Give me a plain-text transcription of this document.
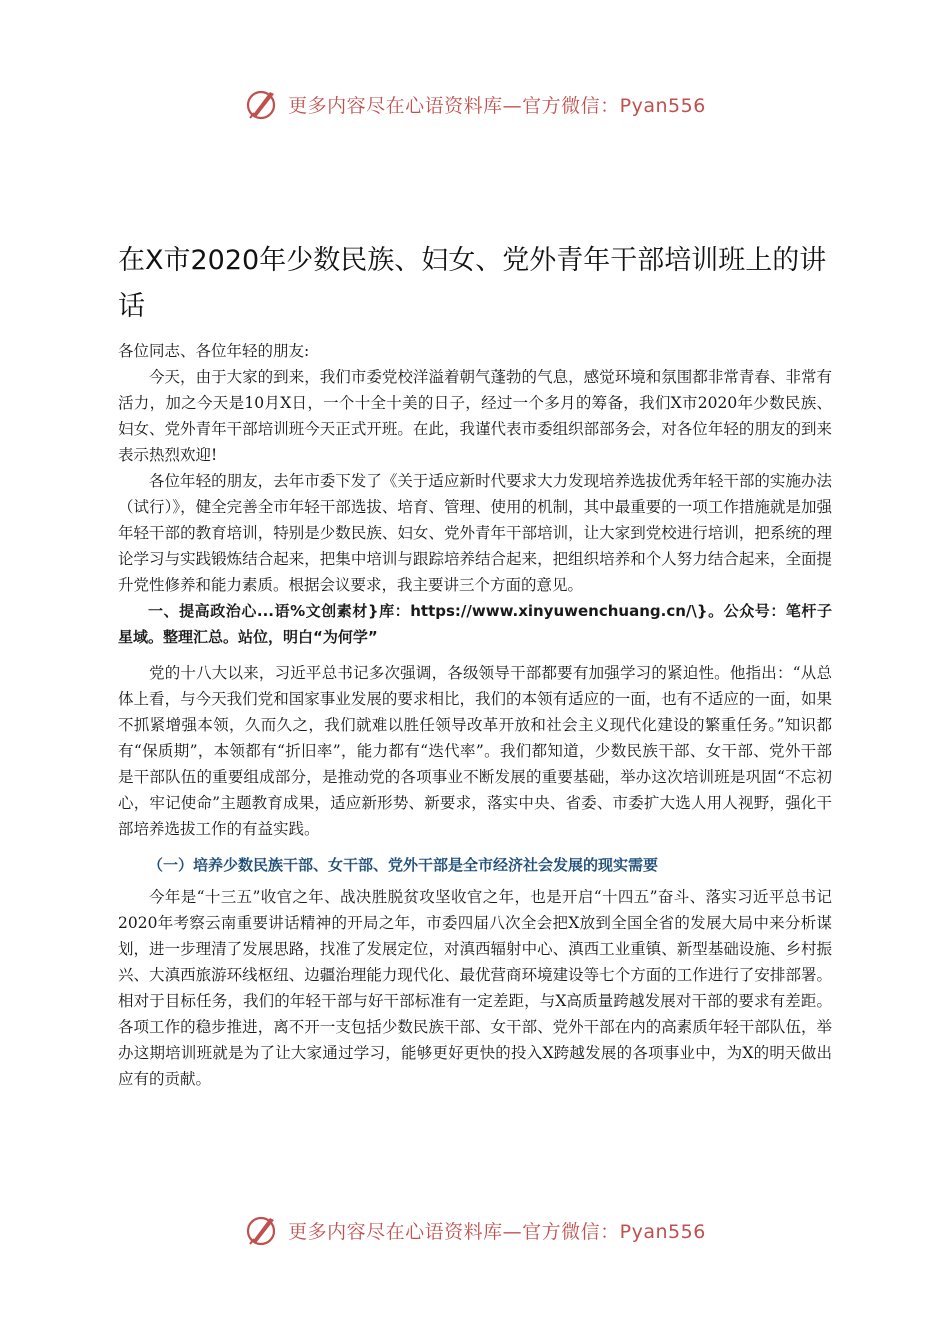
更多内容尽在心语资料库—官方微信：Pyan556
在X市2020年少数民族、妇女、党外青年干部培训班上的讲话

各位同志、各位年轻的朋友:

今天，由于大家的到来，我们市委党校洋溢着朝气蓬勃的气息，感觉环境和氛围都非常青春、非常有活力，加之今天是10月X日，一个十全十美的日子，经过一个多月的筹备，我们X市2020年少数民族、妇女、党外青年干部培训班今天正式开班。在此，我谨代表市委组织部部务会，对各位年轻的朋友的到来表示热烈欢迎!

各位年轻的朋友，去年市委下发了《关于适应新时代要求大力发现培养选拔优秀年轻干部的实施办法（试行）》，健全完善全市年轻干部选拔、培育、管理、使用的机制，其中最重要的一项工作措施就是加强年轻干部的教育培训，特别是少数民族、妇女、党外青年干部培训，让大家到党校进行培训，把系统的理论学习与实践锻炼结合起来，把集中培训与跟踪培养结合起来，把组织培养和个人努力结合起来，全面提升党性修养和能力素质。根据会议要求，我主要讲三个方面的意见。

一、提高政治心...语%文创素材}库：https://www.xinyuwenchuang.cn/\}。公众号：笔杆子星域。整理汇总。站位，明白“为何学”

党的十八大以来，习近平总书记多次强调，各级领导干部都要有加强学习的紧迫性。他指出：“从总体上看，与今天我们党和国家事业发展的要求相比，我们的本领有适应的一面，也有不适应的一面，如果不抓紧增强本领，久而久之，我们就难以胜任领导改革开放和社会主义现代化建设的繁重任务。”知识都有“保质期”，本领都有“折旧率”，能力都有“迭代率”。我们都知道，少数民族干部、女干部、党外干部是干部队伍的重要组成部分，是推动党的各项事业不断发展的重要基础，举办这次培训班是巩固“不忘初心，牢记使命”主题教育成果，适应新形势、新要求，落实中央、省委、市委扩大选人用人视野，强化干部培养选拔工作的有益实践。

（一）培养少数民族干部、女干部、党外干部是全市经济社会发展的现实需要

今年是“十三五”收官之年、战决胜脱贫攻坚收官之年，也是开启“十四五”奋斗、落实习近平总书记2020年考察云南重要讲话精神的开局之年，市委四届八次全会把X放到全国全省的发展大局中来分析谋划，进一步理清了发展思路，找准了发展定位，对滇西辐射中心、滇西工业重镇、新型基础设施、乡村振兴、大滇西旅游环线枢纽、边疆治理能力现代化、最优营商环境建设等七个方面的工作进行了安排部署。相对于目标任务，我们的年轻干部与好干部标准有一定差距，与X高质量跨越发展对干部的要求有差距。各项工作的稳步推进，离不开一支包括少数民族干部、女干部、党外干部在内的高素质年轻干部队伍，举办这期培训班就是为了让大家通过学习，能够更好更快的投入X跨越发展的各项事业中，为X的明天做出应有的贡献。

更多内容尽在心语资料库—官方微信：Pyan556
